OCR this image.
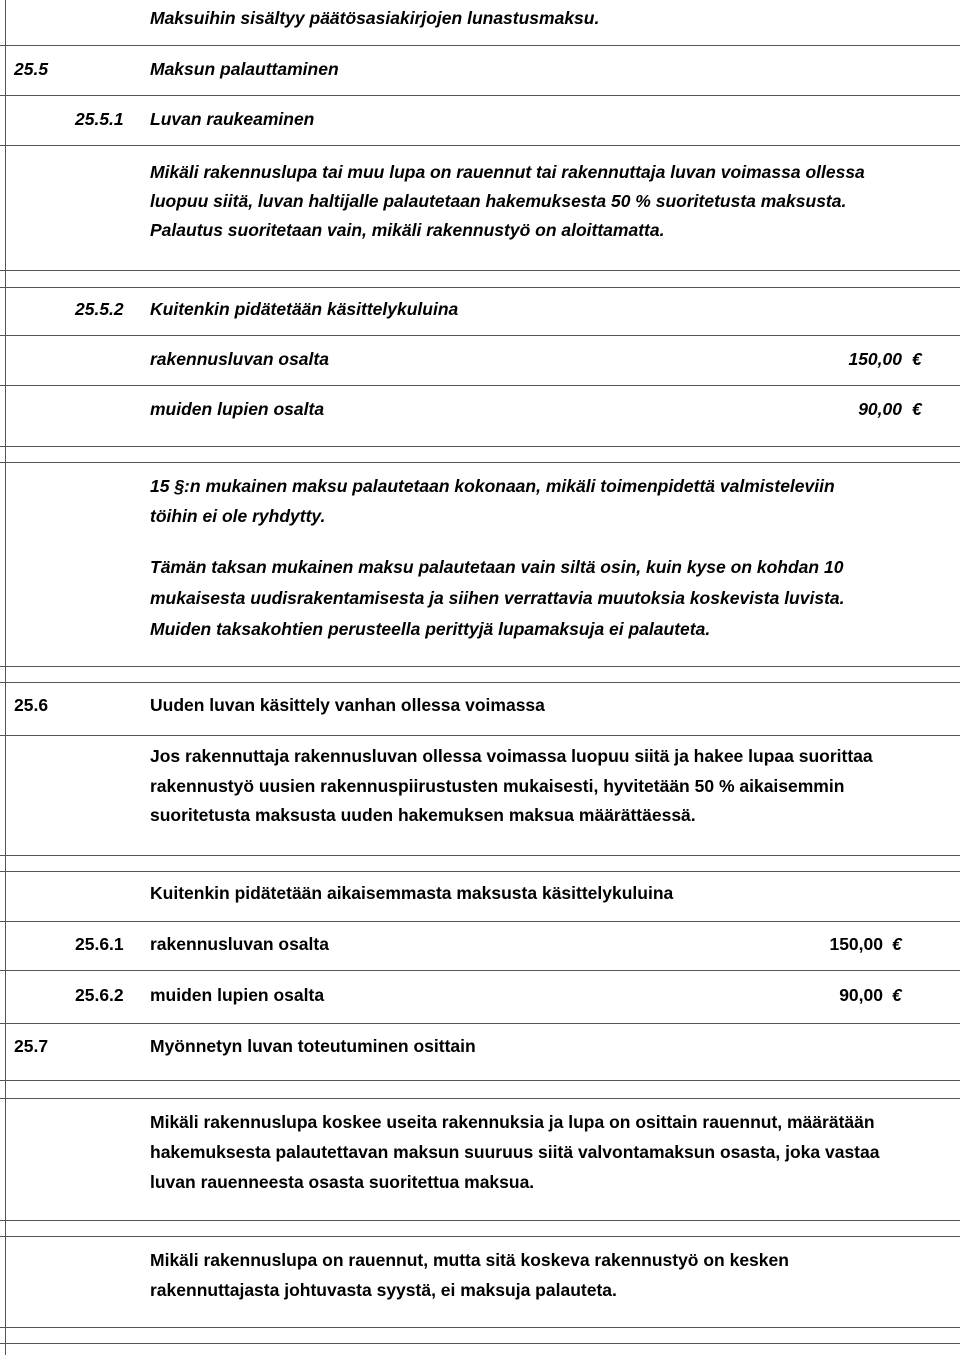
Maksuihin sisältyy päätösasiakirjojen lunastusmaksu.
25.5	Maksun palauttaminen
25.5.1 Luvan raukeaminen
Mikäli rakennuslupa tai muu lupa on rauennut tai rakennuttaja luvan voimassa ollessa
luopuu siitä, luvan haltijalle palautetaan hakemuksesta 50 % suoritetusta maksusta.
Palautus suoritetaan vain, mikäli rakennustyö on aloittamatta.
25.5.2 Kuitenkin pidätetään käsittelykuluina
rakennusluvan osalta	150,00 €
muiden lupien osalta	90,00 €
15 §:n mukainen maksu palautetaan kokonaan, mikäli toimenpidettä valmisteleviin
töihin ei ole ryhdytty.
Tämän taksan mukainen maksu palautetaan vain siltä osin, kuin kyse on kohdan 10
mukaisesta uudisrakentamisesta ja siihen verrattavia muutoksia koskevista luvista.
Muiden taksakohtien perusteella perittyjä lupamaksuja ei palauteta.
25.6	Uuden luvan käsittely vanhan ollessa voimassa
Jos rakennuttaja rakennusluvan ollessa voimassa luopuu siitä ja hakee lupaa suorittaa
rakennustyö uusien rakennuspiirustusten mukaisesti, hyvitetään 50 % aikaisemmin
suoritetusta maksusta uuden hakemuksen maksua määrättäessä.
Kuitenkin pidätetään aikaisemmasta maksusta käsittelykuluina
25.6.1 rakennusluvan osalta	150,00 €
25.6.2 muiden lupien osalta	90,00 €
25.7	Myönnetyn luvan toteutuminen osittain
Mikäli rakennuslupa koskee useita rakennuksia ja lupa on osittain rauennut, määrätään
hakemuksesta palautettavan maksun suuruus siitä valvontamaksun osasta, joka vastaa
luvan rauenneesta osasta suoritettua maksua.
Mikäli rakennuslupa on rauennut, mutta sitä koskeva rakennustyö on kesken
rakennuttajasta johtuvasta syystä, ei maksuja palauteta.
